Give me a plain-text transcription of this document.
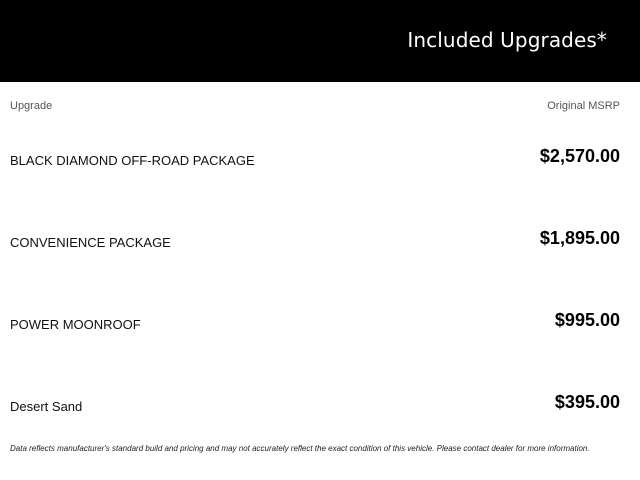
Included Upgrades*
Upgrade	Original MSRP
BLACK DIAMOND OFF-ROAD PACKAGE	$2,570.00
CONVENIENCE PACKAGE	$1,895.00
POWER MOONROOF	$995.00
Desert Sand	$395.00
Data reflects manufacturer's standard build and pricing and may not accurately reflect the exact condition of this vehicle. Please contact dealer for more information.
